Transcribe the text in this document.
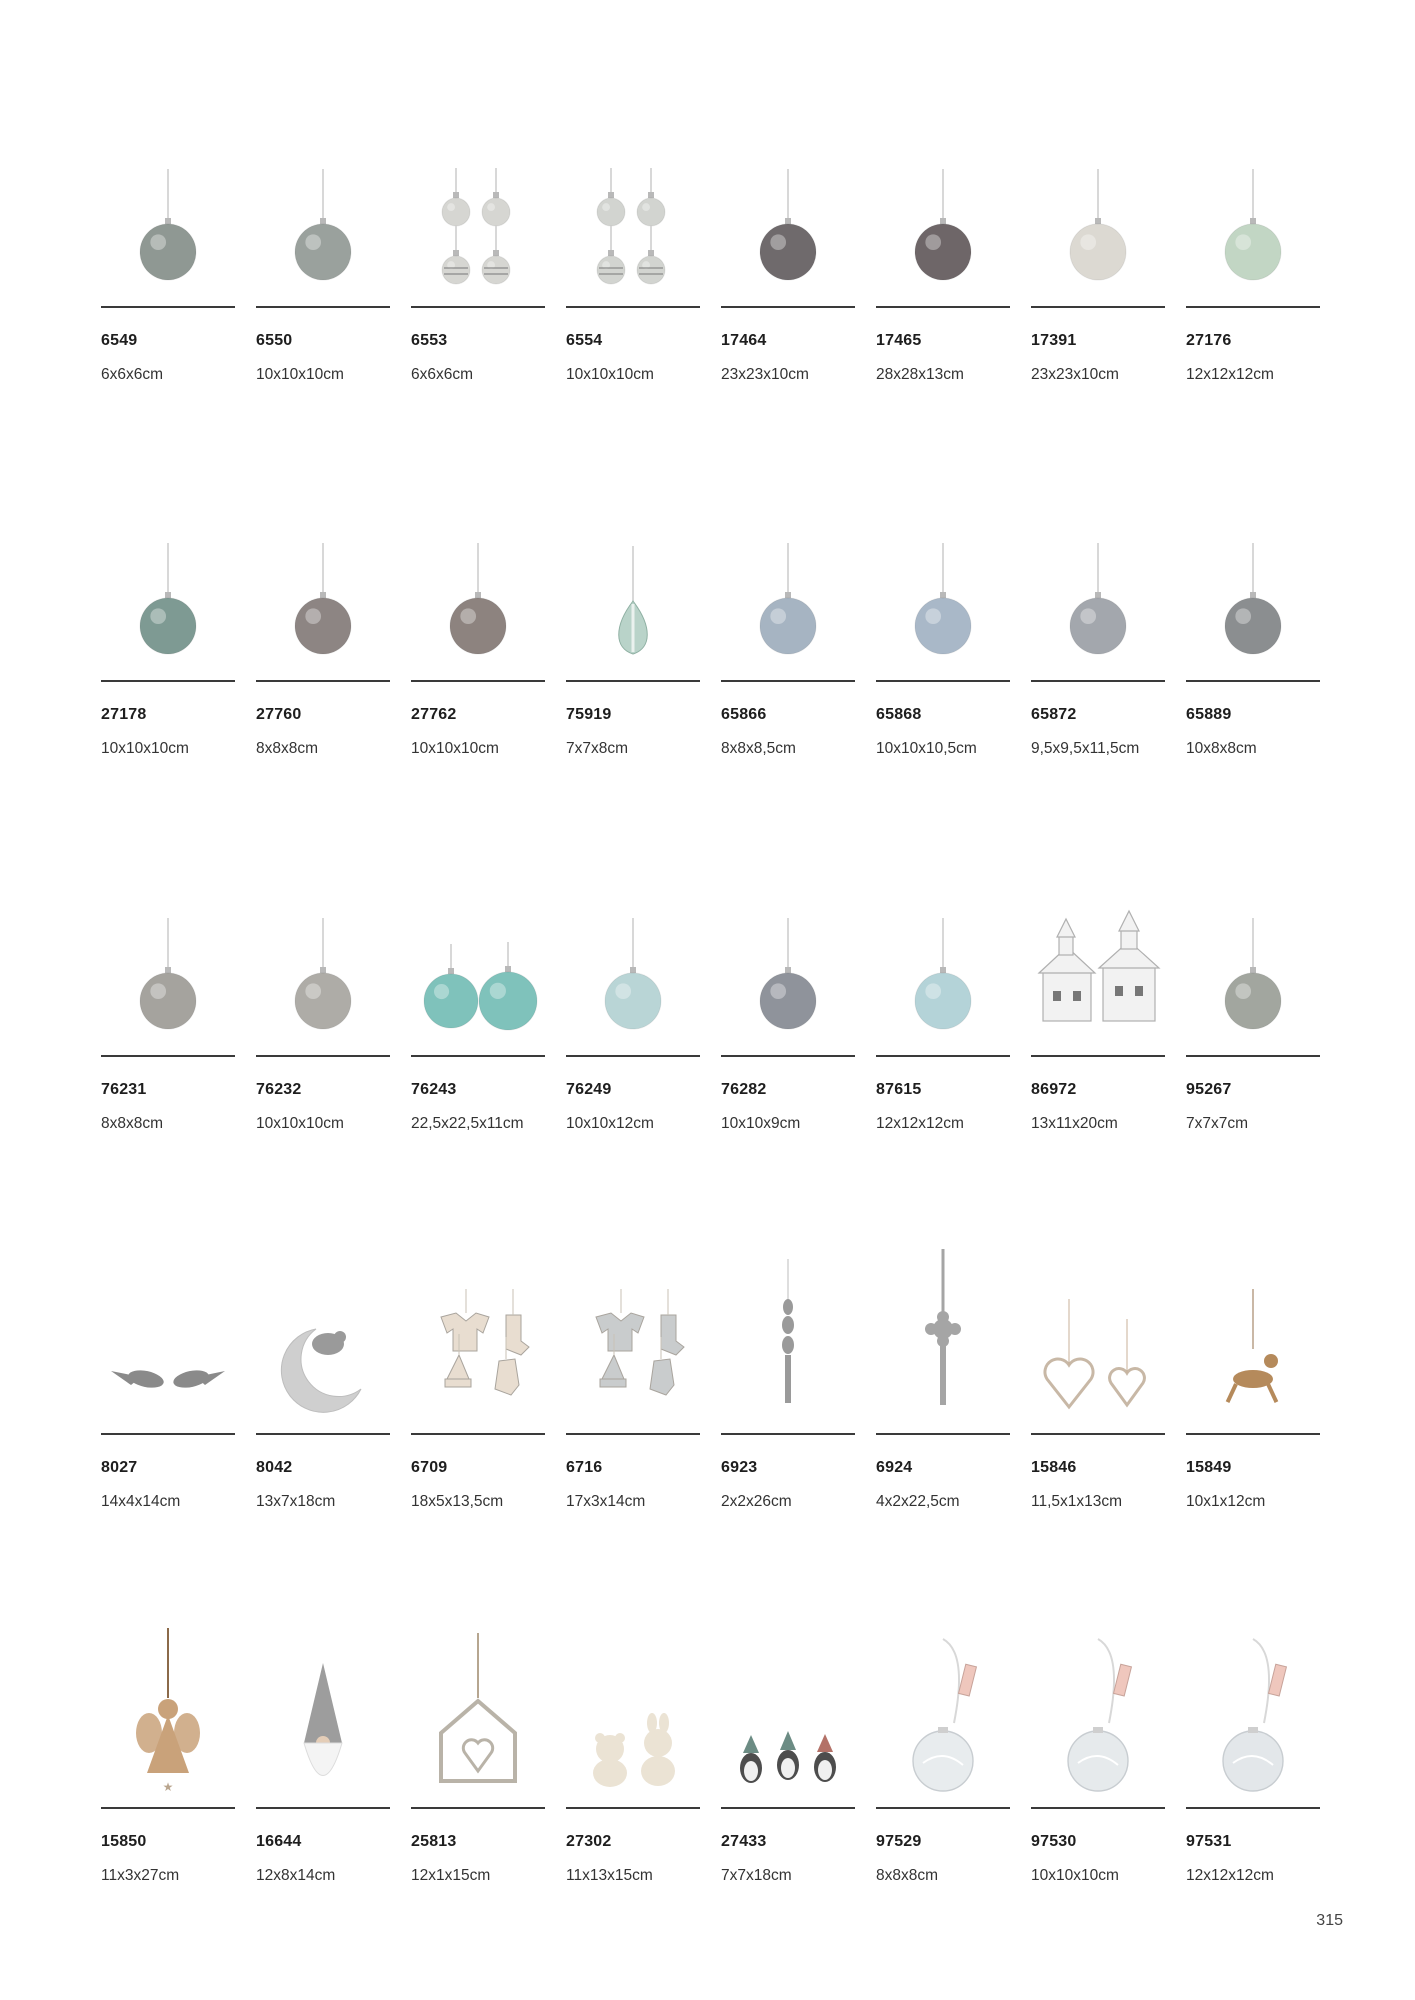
6549
6x6x6cm
6550
10x10x10cm
6553
6x6x6cm
6554
10x10x10cm
17464
23x23x10cm
17465
28x28x13cm
17391
23x23x10cm
27176
12x12x12cm
27178
10x10x10cm
27760
8x8x8cm
27762
10x10x10cm
75919
7x7x8cm
65866
8x8x8,5cm
65868
10x10x10,5cm
65872
9,5x9,5x11,5cm
65889
10x8x8cm
76231
8x8x8cm
76232
10x10x10cm
76243
22,5x22,5x11cm
76249
10x10x12cm
76282
10x10x9cm
87615
12x12x12cm
86972
13x11x20cm
95267
7x7x7cm
8027
14x4x14cm
8042
13x7x18cm
6709
18x5x13,5cm
6716
17x3x14cm
6923
2x2x26cm
6924
4x2x22,5cm
15846
11,5x1x13cm
15849
10x1x12cm
★
15850
11x3x27cm
16644
12x8x14cm
25813
12x1x15cm
27302
11x13x15cm
27433
7x7x18cm
97529
8x8x8cm
97530
10x10x10cm
97531
12x12x12cm
315
